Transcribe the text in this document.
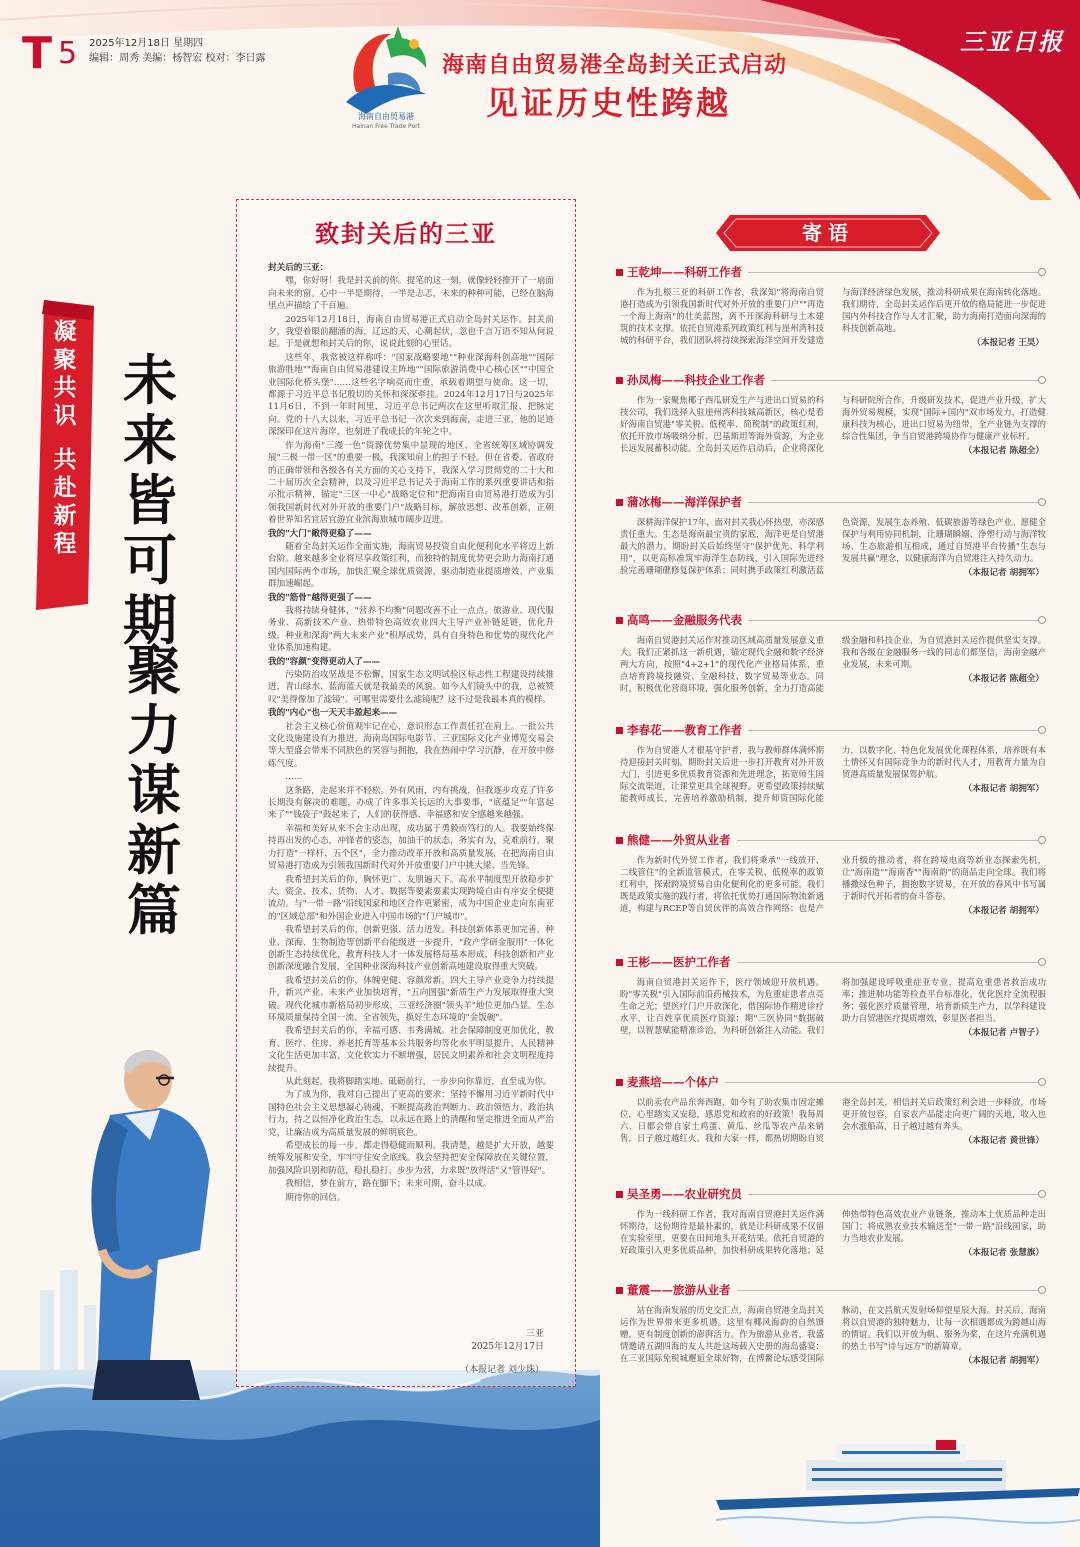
T 5 2025年12月18日 星期四
编辑：周秀 美编：杨智宏 校对：李日露
海南自由贸易港
Hainan Free Trade Port
海南自由贸易港全岛封关正式启动
见证历史性跨越
三亚日报
凝聚共识
共赴新程
未来皆可期
聚力谋新篇
致封关后的三亚

封关后的三亚：

嘿，你好呀！我是封关前的你。提笔的这一刻，就像轻轻推开了一扇面向未来的窗。心中一半是期待，一半是忐忑，未来的种种可能，已经在脑海里点声描绘了千百遍。

2025年12月18日，海南自由贸易港正式启动全岛封关运作。封关前夕，我望着眼前翻涌的海，辽远的天，心潮起伏，忽也千言万语不知从何说起。于是就想和封关后的你，说说此刻的心里话。

这些年，我常被这样称呼："国家战略要地""种业深海科创高地""国际旅游胜地""海南自由贸易港建设主阵地""国际旅游消费中心核心区""中国全业国际化桥头堡"……这些名字响亮而庄重，承载着期望与使命。这一切，都源于习近平总书记殷切的关怀和深深牵挂。2024年12月17日与2025年11月6日，不到一年时间里，习近平总书记两次在这里听取汇报、把脉定向。党的十八大以来，习近平总书记一次次来到海南，走进三亚，他的足迹深深印在这片海岸，也刻进了我成长的年轮之中。

作为海南"三漫一色"资源优势集中显现的地区、全省统筹区域协调发展"三极一带一区"的重要一极，我深知肩上的担子不轻。但在省委、省政府的正确带领和各级各有关方面的关心支持下，我深入学习贯彻党的二十大和二十届历次全会精神，以及习近平总书记关于海南工作的系列重要讲话和指示批示精神，锚定"三区一中心"战略定位和"把海南自由贸易港打造成为引领我国新时代对外开放的重要门户"战略目标，解放思想、改革创新，正朝着世界知名宜居宜游宜业滨海旅城市阔步迈进。

我的"大门"敞得更稳了——

随着全岛封关运作全面实施，海南贸易投资自由化便利化水平将迈上新台阶。越来越多全业将尽享政策红利，而独特的制度优势更会助力海南打通国内国际两个市场，加快汇聚全球优质资源，驱动制造业提质增效、产业集群加速崛起。

我的"筋骨"越得更强了——

我将持续身健体，"营养不均衡"问题改善不止一点点。旅游业、现代服务业、高新技术产业、热带特色高效农业四大主导产业补链延链，优化升级，种业和深海"两大未来产业"积厚成势，具有自身特色和优势的现代化产业体系加速构建。

我的"容颜"变得更动人了——

污染防治攻坚战是不松懈，国家生态文明试验区标志性工程建设持续推进，青山绿水、蓝海蓝天就是我最美的风貌。如今人们镜头中的我，总被赞叹"美得像加了滤镜"。可哪里需要什么滤镜呢？这不过是我最本真的模样。

我的"内心"也一天天丰盈起来——

社会主义核心价值观牢记在心，意识形态工作责任扛在肩上。一批公共文化设施建设有力推进，海南岛国际电影节、三亚国际文化产业博览交易会等大型盛会带来不同肤色的笑容与拥抱，我在热闹中学习沉静，在开放中修炼气度。

……

这条路，走起来并不轻松。外有风雨，内有挑战，但我逐步攻克了许多长期没有解决的难题，办成了许多事关长远的大事要事，"底蕴足""年富起来了""钱袋子"鼓起来了，人们的获得感、幸福感和安全感越来越强。

幸福和美好从来不会主动出现，成功属于勇毅而笃行的人。我要始终保持再出发的心态，冲锋者的姿态，加油干的状态，务实有为，克难前行，聚力打造"一样杆、五个区"，全力推动改革开放和高质量发展，在把海南自由贸易港打造成为引领我国新时代对外开放重要门户中挑大梁、当先锋。

我希望封关后的你，胸怀更广、友朋遍天下。高水平制度型开放稳步扩大，资金、技术、货物、人才、数据等要素要素实现跨境自由有序安全便捷流动。与"一带一路"沿线国家和地区合作更紧密，成为中国企业走向东南亚的"区域总部"和外国企业进入中国市场的"门户城市"。

我希望封关后的你，创新更强、活力迸发。科技创新体系更加完善，种业、深海、生物制造等创新平台能级进一步提升，"政产学研金服用"一体化创新生态持续优化，教育科技人才一体发展格局基本形成，科技创新和产业创新深度融合发展，全国种业深海科技产业创新高地建设取得重大突破。

我希望封关后的你，体魄更健、容颜常新。四大主导产业竞争力持续提升，新兴产业、未来产业加快培育，"五向图强"新质生产力发展取得重大突破。现代化城市新格局初步形成，三亚经济圈"领头羊"地位更加凸显。生态环境质量保持全国一流、全省领先，换好生态环境的"金饭碗"。

我希望封关后的你，幸福可感、韦秀满城。社会保障制度更加优化，教育、医疗、住房、养老托育等基本公共服务均等化水平明显提升，人民精神文化生活更加丰富，文化软实力不断增强，居民文明素养和社会文明程度持续提升。

从此刻起，我将脚踏实地、砥砺前行，一步步向你靠近，直至成为你。

为了成为你，我对自己提出了更高的要求：坚持不懈用习近平新时代中国特色社会主义思想凝心铸魂，不断提高政治判断力、政治领悟力、政治执行力，持之以恒净化政治生态，以永远在路上的清醒和坚定推进全面从严治党，让廉洁成为高质量发展的鲜明底色。

希望成长的每一步，都走得稳健而顺利。我清楚，越是扩大开放，越要统筹发展和安全，牢牢守住安全底线。我会坚持把安全保障放在关键位置，加强风险识别和防范，稳扎稳打、步步为营，力求既"放得活"又"管得好"。

我相信，梦在前方，路在脚下；未来可期，奋斗以成。

期待你的回信。

三亚
2025年12月17日
（本报记者 刘少珠）
寄语
王乾坤——科研工作者

作为扎根三亚的科研工作者，我深知"将海南自贸港打造成为引领我国新时代对外开放的重要门户""再造一个海上海南"的壮美蓝图，离不开深海科研与土木建筑的技术支撑。依托自贸港系列政策红利与崖州湾科技城的科研平台，我们团队将持续探索海洋空间开发建造与海洋经济绿色发展，推动科研成果在海南转化落地。我们期待，全岛封关运作后更开放的格局能进一步促进国内外科技合作与人才汇聚，助力海南打造面向深海的科技创新高地。

（本报记者 王昊）
孙凤梅——科技企业工作者

作为一家聚焦椰子西瓜研发生产与进出口贸易的科技公司，我们选择入驻崖州湾科技城高新区，核心是看好海南自贸港"零关税、低税率、简税制"的政策红利，依托开放市场吸纳分析、巴基斯坦等海外资源，为企业长远发展蓄积动能。全岛封关运作启动后，企业将深化与科研院所合作，升级研发技术，促进产业升级，扩大海外贸易规模，实现"国际+国内"双市场发力，打造健康科技为核心，进出口贸易为纽带，全产业链为支撑的综合性集团，争当自贸港跨境协作与健康产业标杆。

（本报记者 陈超全）
蒲冰梅——海洋保护者

深耕海洋保护17年，面对封关我心怀热望，亦深感责任重大。生态是海南最宝贵的家底，海洋更是自贸港最大的潜力。期盼封关后始终坚守"保护优先、科学利用"，以更高标准筑牢海洋生态防线，引入国际先进经验完善珊瑚礁修复保护体系；同时携手政策红利激活蓝色资源，发展生态养殖、低碳旅游等绿色产业。愿健全保护与利用协同机制，让珊瑚瞬嫋、净塑行动与海洋牧场、生态旅游相互相成，通过自贸港平台传播"生态与发展共赢"理念，以健康海洋为自贸港注入持久动力。

（本报记者 胡拥军）
高鸣——金融服务代表

海南自贸港封关运作对推动区域高质量发展意义重大。我们正紧抓这一新机遇，锚定现代全融和数字经济两大方向，按照"4+2+1"的现代化产业格局体系，重点培育跨境投融资、全融科技、数字贸易等业态。同时，积极优化营商环境，强化服务创新，全力打造高能级金融和科技企业，为自贸港封关运作提供坚实支撑。我和各级在金融服务一线的同志们都坚信，海南金融产业发展，未来可期。

（本报记者 陈超全）
李春花——教育工作者

作为自贸港人才根基守护者，我与教师群体满怀期待迎接封关时刻。期盼封关后进一步打开教育对外开放大门，引进更多优质教育资源和先进理念，拓宽师生国际交流渠道，让课堂更具全球视野。更希望政策持续赋能教师成长，完善培养激励机制，提升师资国际化能力，以数字化、特色化发展优化课程体系，培养既有本土情怀又有国际竞争力的新时代人才，用教育力量为自贸港高质量发展保驾护航。

（本报记者 胡拥军）
熊健——外贸从业者

作为新时代外贸工作者，我们将秉承"一线放开、二线管住"的全新监管模式，在零关税、低税率的政策红利中，探索跨境贸易自由化便利化的更多可能。我们既是政策实施的践行者，将依托优势打通国际物流新通道，构建与RCEP等自贸伙伴的高效合作网络；也是产业升级的推动者，将在跨境电商等新业态探索先机，让"海南造""海南香""海南韵"的商品走向全球。我们将播撒绿色种子，拥抱数字贸易，在开放的春风中书写属于新时代开拓者的奋斗答卷。

（本报记者 胡拥军）
王彬——医护工作者

海南自贸港封关运作下，医疗领域迎开放机遇。盼"零关税"引入国际前沿药械技术，为危重症患者点亮生命之光；望医疗门户开放深化，借国际协作精进诊疗水平，让百姓享优质医疗资源；期"三医协同"数据破壁，以智慧赋能精准诊治，为科研创新注入动能。我们将加强建设呼吸重症亚专业，提高危重患者救治成功率；推进肺功能等检查平台标准化，优化医疗全流程服务；强化医疗质量管理，培育新质生产力，以学科建设助力自贸港医疗提质增效，彰显医者担当。

（本报记者 卢智子）
麦燕培——个体户

以前卖农产品东奔西跑，如今有了助农集市固定摊位，心里踏实又安稳，感恩党和政府的好政策！我每周六、日都会带自家土鸡蛋、黄瓜、丝瓜等农产品来销售，日子越过越红火。我和大家一样，都热切期盼自贸港全岛封关，相信封关后政策红利会进一步释放，市场更开放包容，自家农产品能走向更广阔的天地，收入也会水涨船高，日子越过越有奔头。

（本报记者 黄世锋）
吴圣勇——农业研究员

作为一线科研工作者，我对海南自贸港封关运作满怀期待，这份期待是最朴素的，就是让科研成果不仅留在实验室里，更要在田间地头开花结果。依托自贸港的好政策引入更多优质品种，加快科研成果转化落地；延伸热带特色高效农业产业链条，推动本土优质品种走出国门；将成熟农业技术输送至"一带一路"沿线国家，助力当地农业发展。

（本报记者 张慧旗）
董震——旅游从业者

站在海南发展的历史交汇点，海南自贸港全岛封关运作为世界带来更多机遇。这里有椰风海韵的自然馈赠，更有制度创新的澎湃活力。作为旅游从业者，我盛情邀请五湖四海的友人共赴这场载入史册的海岛盛宴：在三亚国际免税城邂逅全球好物，在博鳌论坛感受国际脉动，在文昌航天发射场仰望星辰大海。封关后，海南将以自贸港的独特魅力，让每一次相遇都成为跨越山海的情谊。我们以开放为帆、服务为桨，在这片充满机遇的热土书写"诗与远方"的新篇章。

（本报记者 胡拥军）
